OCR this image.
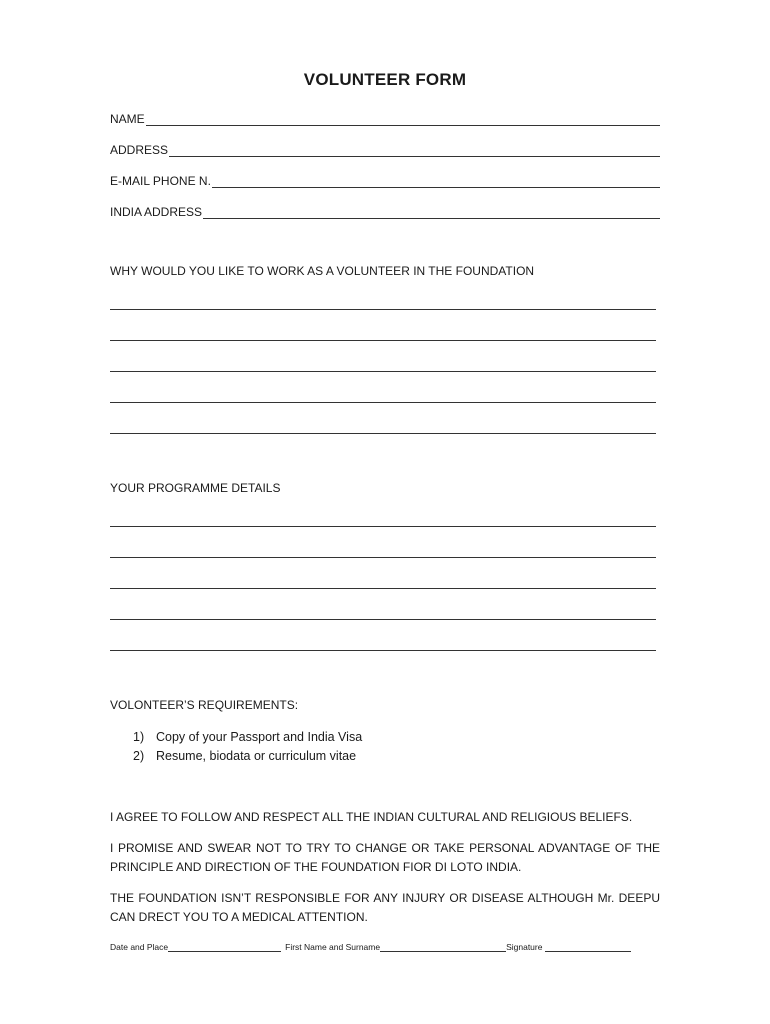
VOLUNTEER FORM
NAME
ADDRESS
E-MAIL PHONE N.
INDIA ADDRESS
WHY WOULD YOU LIKE TO WORK AS A VOLUNTEER IN THE FOUNDATION
YOUR PROGRAMME DETAILS
VOLONTEER’S REQUIREMENTS:
1) Copy of your Passport and India Visa
2) Resume, biodata or curriculum vitae
I AGREE TO FOLLOW AND RESPECT ALL THE INDIAN CULTURAL AND RELIGIOUS BELIEFS.
I PROMISE AND SWEAR NOT TO TRY TO CHANGE OR TAKE PERSONAL ADVANTAGE OF THE PRINCIPLE AND DIRECTION OF THE FOUNDATION FIOR DI LOTO INDIA.
THE FOUNDATION ISN’T RESPONSIBLE FOR ANY INJURY OR DISEASE ALTHOUGH Mr. DEEPU CAN DRECT YOU TO A MEDICAL ATTENTION.
Date and Place	First Name and Surname	Signature
